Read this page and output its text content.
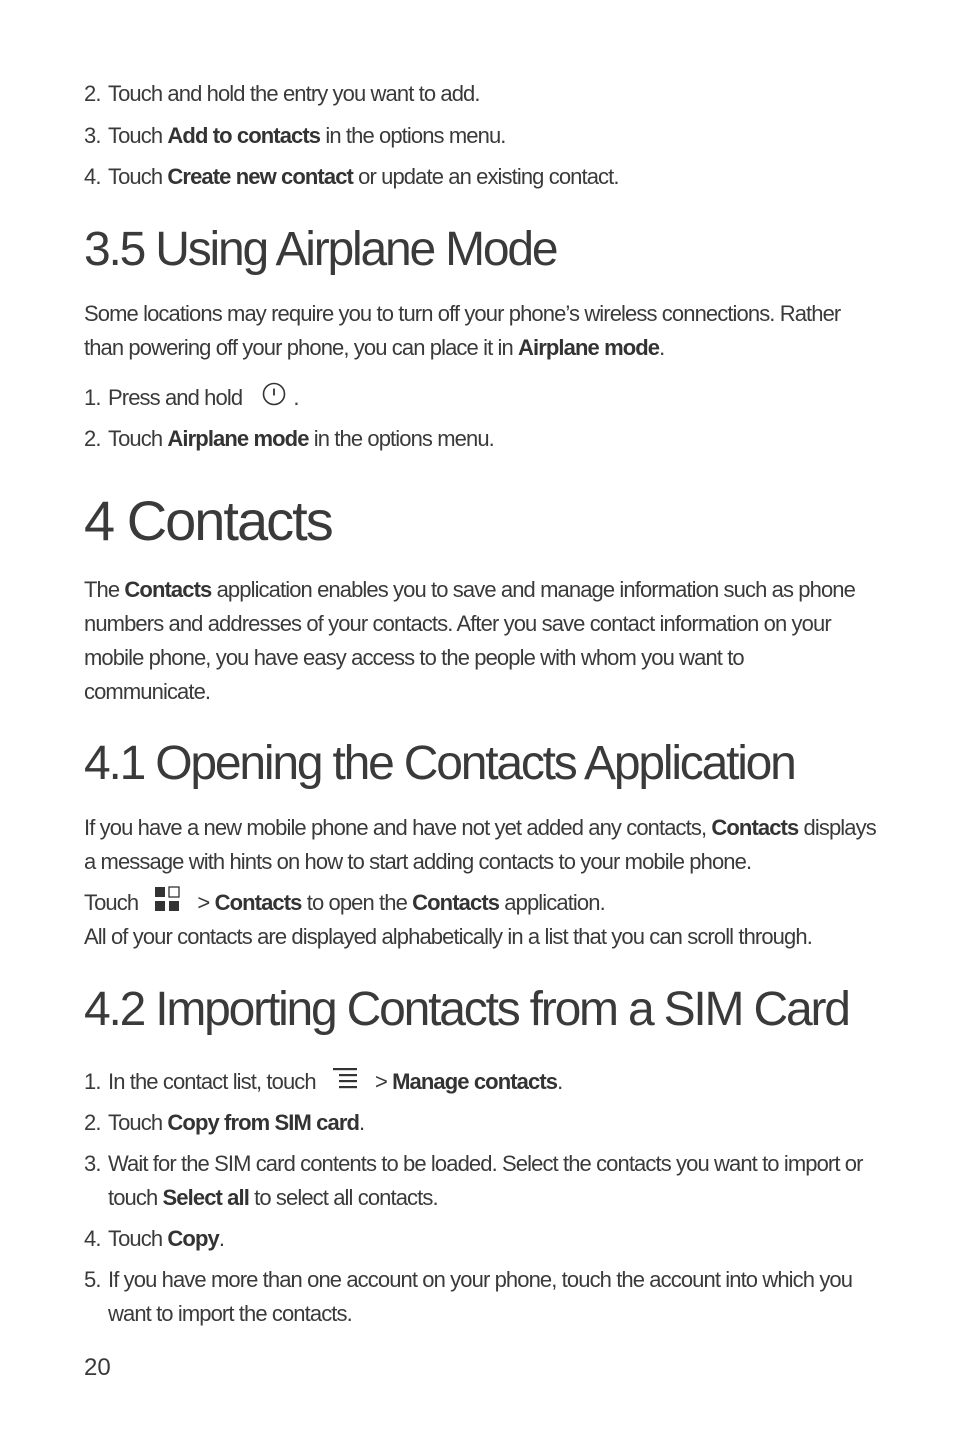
2. Touch and hold the entry you want to add.
3. Touch Add to contacts in the options menu.
4. Touch Create new contact or update an existing contact.
3.5 Using Airplane Mode

Some locations may require you to turn off your phone’s wireless connections. Rather than powering off your phone, you can place it in Airplane mode.

1. Press and hold .
2. Touch Airplane mode in the options menu.
4 Contacts

The Contacts application enables you to save and manage information such as phone numbers and addresses of your contacts. After you save contact information on your mobile phone, you have easy access to the people with whom you want to communicate.

4.1 Opening the Contacts Application

If you have a new mobile phone and have not yet added any contacts, Contacts displays a message with hints on how to start adding contacts to your mobile phone.

Touch > Contacts to open the Contacts application.

All of your contacts are displayed alphabetically in a list that you can scroll through.

4.2 Importing Contacts from a SIM Card
1. In the contact list, touch > Manage contacts.
2. Touch Copy from SIM card.
3. Wait for the SIM card contents to be loaded. Select the contacts you want to import or touch Select all to select all contacts.
4. Touch Copy.
5. If you have more than one account on your phone, touch the account into which you want to import the contacts.
20
